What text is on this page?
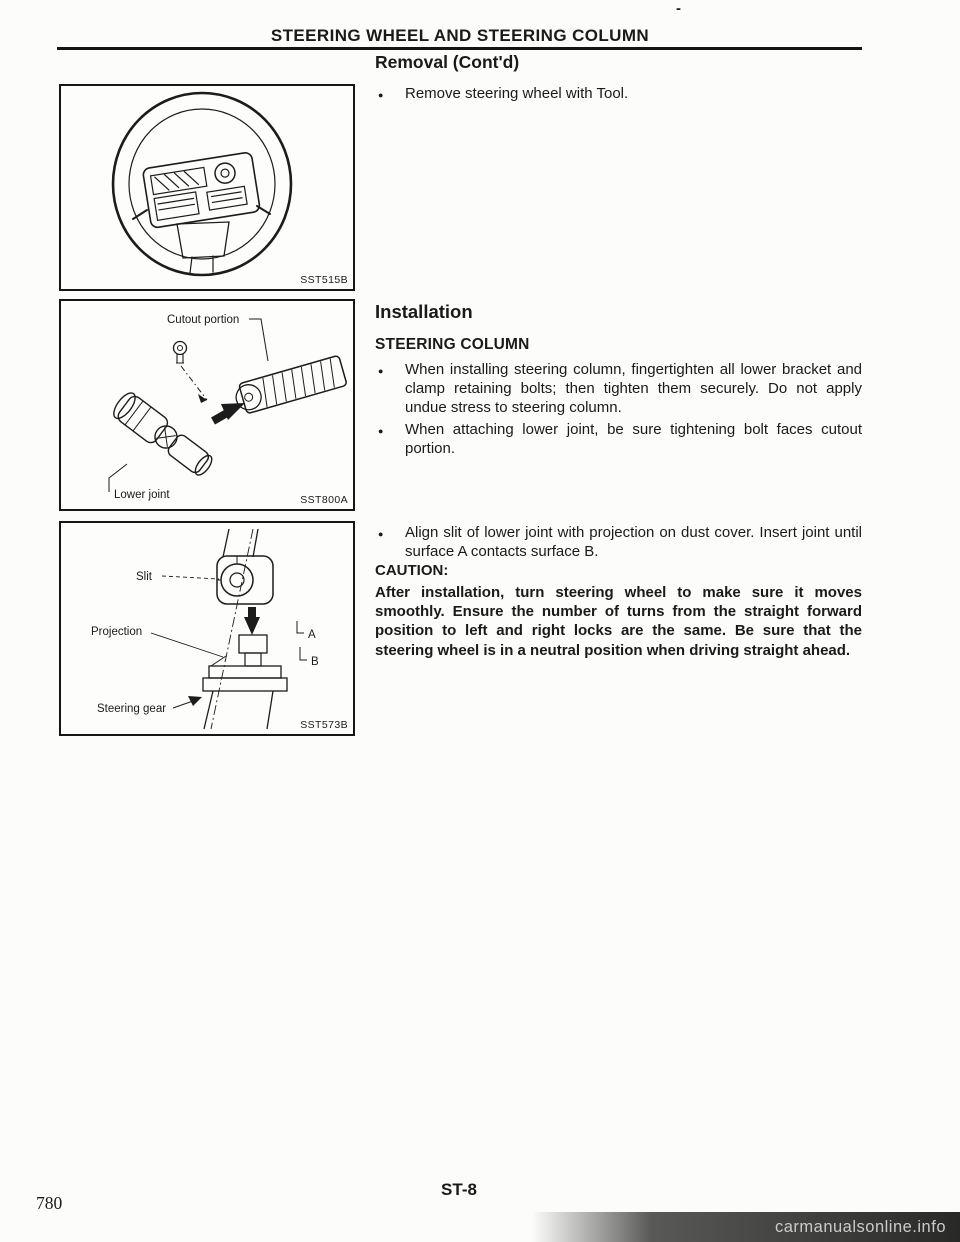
-
STEERING WHEEL AND STEERING COLUMN
SST515B
Cutout portion
Lower joint	SST800A
Slit
Projection
Steering gear
A
B
SST573B
Removal (Cont'd)
●	Remove steering wheel with Tool.

Installation
STEERING COLUMN
●	When installing steering column, fingertighten all lower bracket and clamp retaining bolts; then tighten them securely. Do not apply undue stress to steering column.

●	When attaching lower joint, be sure tightening bolt faces cutout portion.

●	Align slit of lower joint with projection on dust cover. Insert joint until surface A contacts surface B.

CAUTION:

After installation, turn steering wheel to make sure it moves smoothly. Ensure the number of turns from the straight forward position to left and right locks are the same. Be sure that the steering wheel is in a neutral position when driving straight ahead.

ST-8
780
carmanualsonline.info
